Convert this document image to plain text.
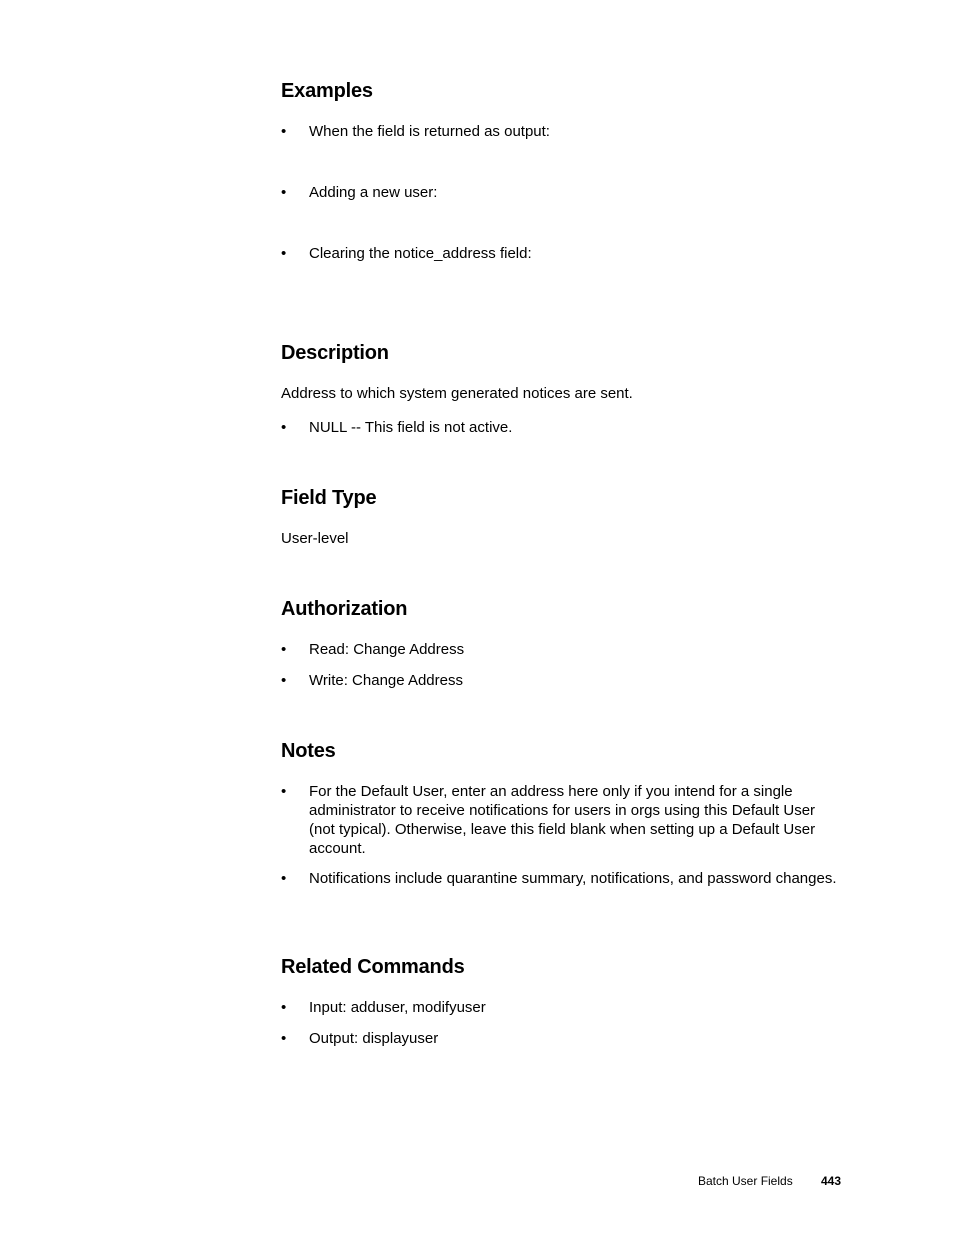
Examples
•	When the field is returned as output:
•	Adding a new user:
•	Clearing the notice_address field:
Description

Address to which system generated notices are sent.

•	NULL -- This field is not active.
Field Type

User-level

Authorization
•	Read: Change Address
•	Write: Change Address
Notes
•	For the Default User, enter an address here only if you intend for a single administrator to receive notifications for users in orgs using this Default User (not typical). Otherwise, leave this field blank when setting up a Default User account.
•	Notifications include quarantine summary, notifications, and password changes.
Related Commands
•	Input: adduser, modifyuser
•	Output: displayuser
Batch User Fields 443
